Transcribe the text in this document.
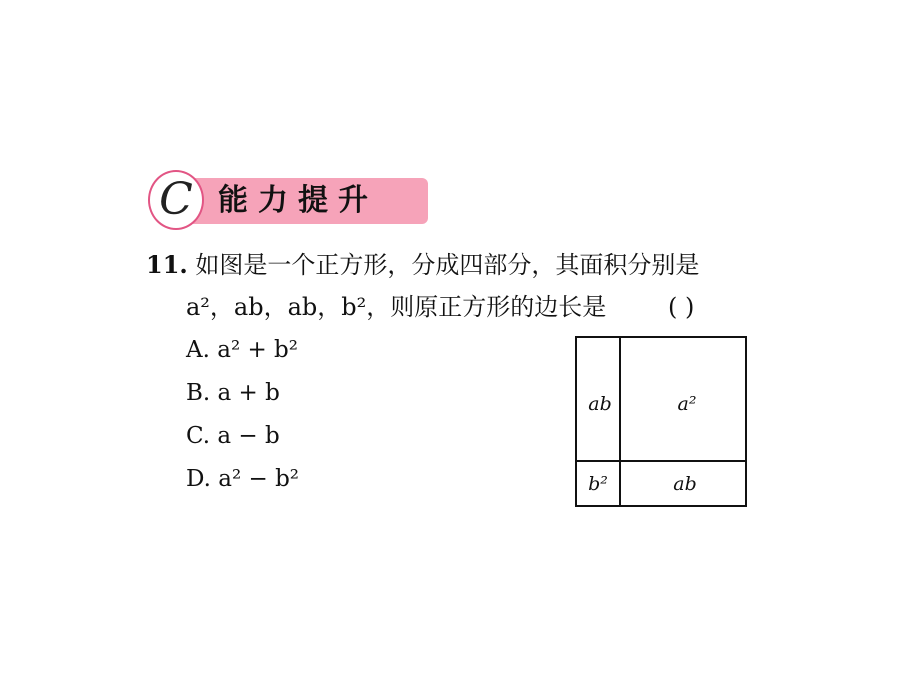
C 能力提升
11. 如图是一个正方形，分成四部分，其面积分别是
a²，ab，ab，b²，则原正方形的边长是	( )
A. a² + b²
B. a + b
C. a − b
D. a² − b²
ab	a²
b²	ab
